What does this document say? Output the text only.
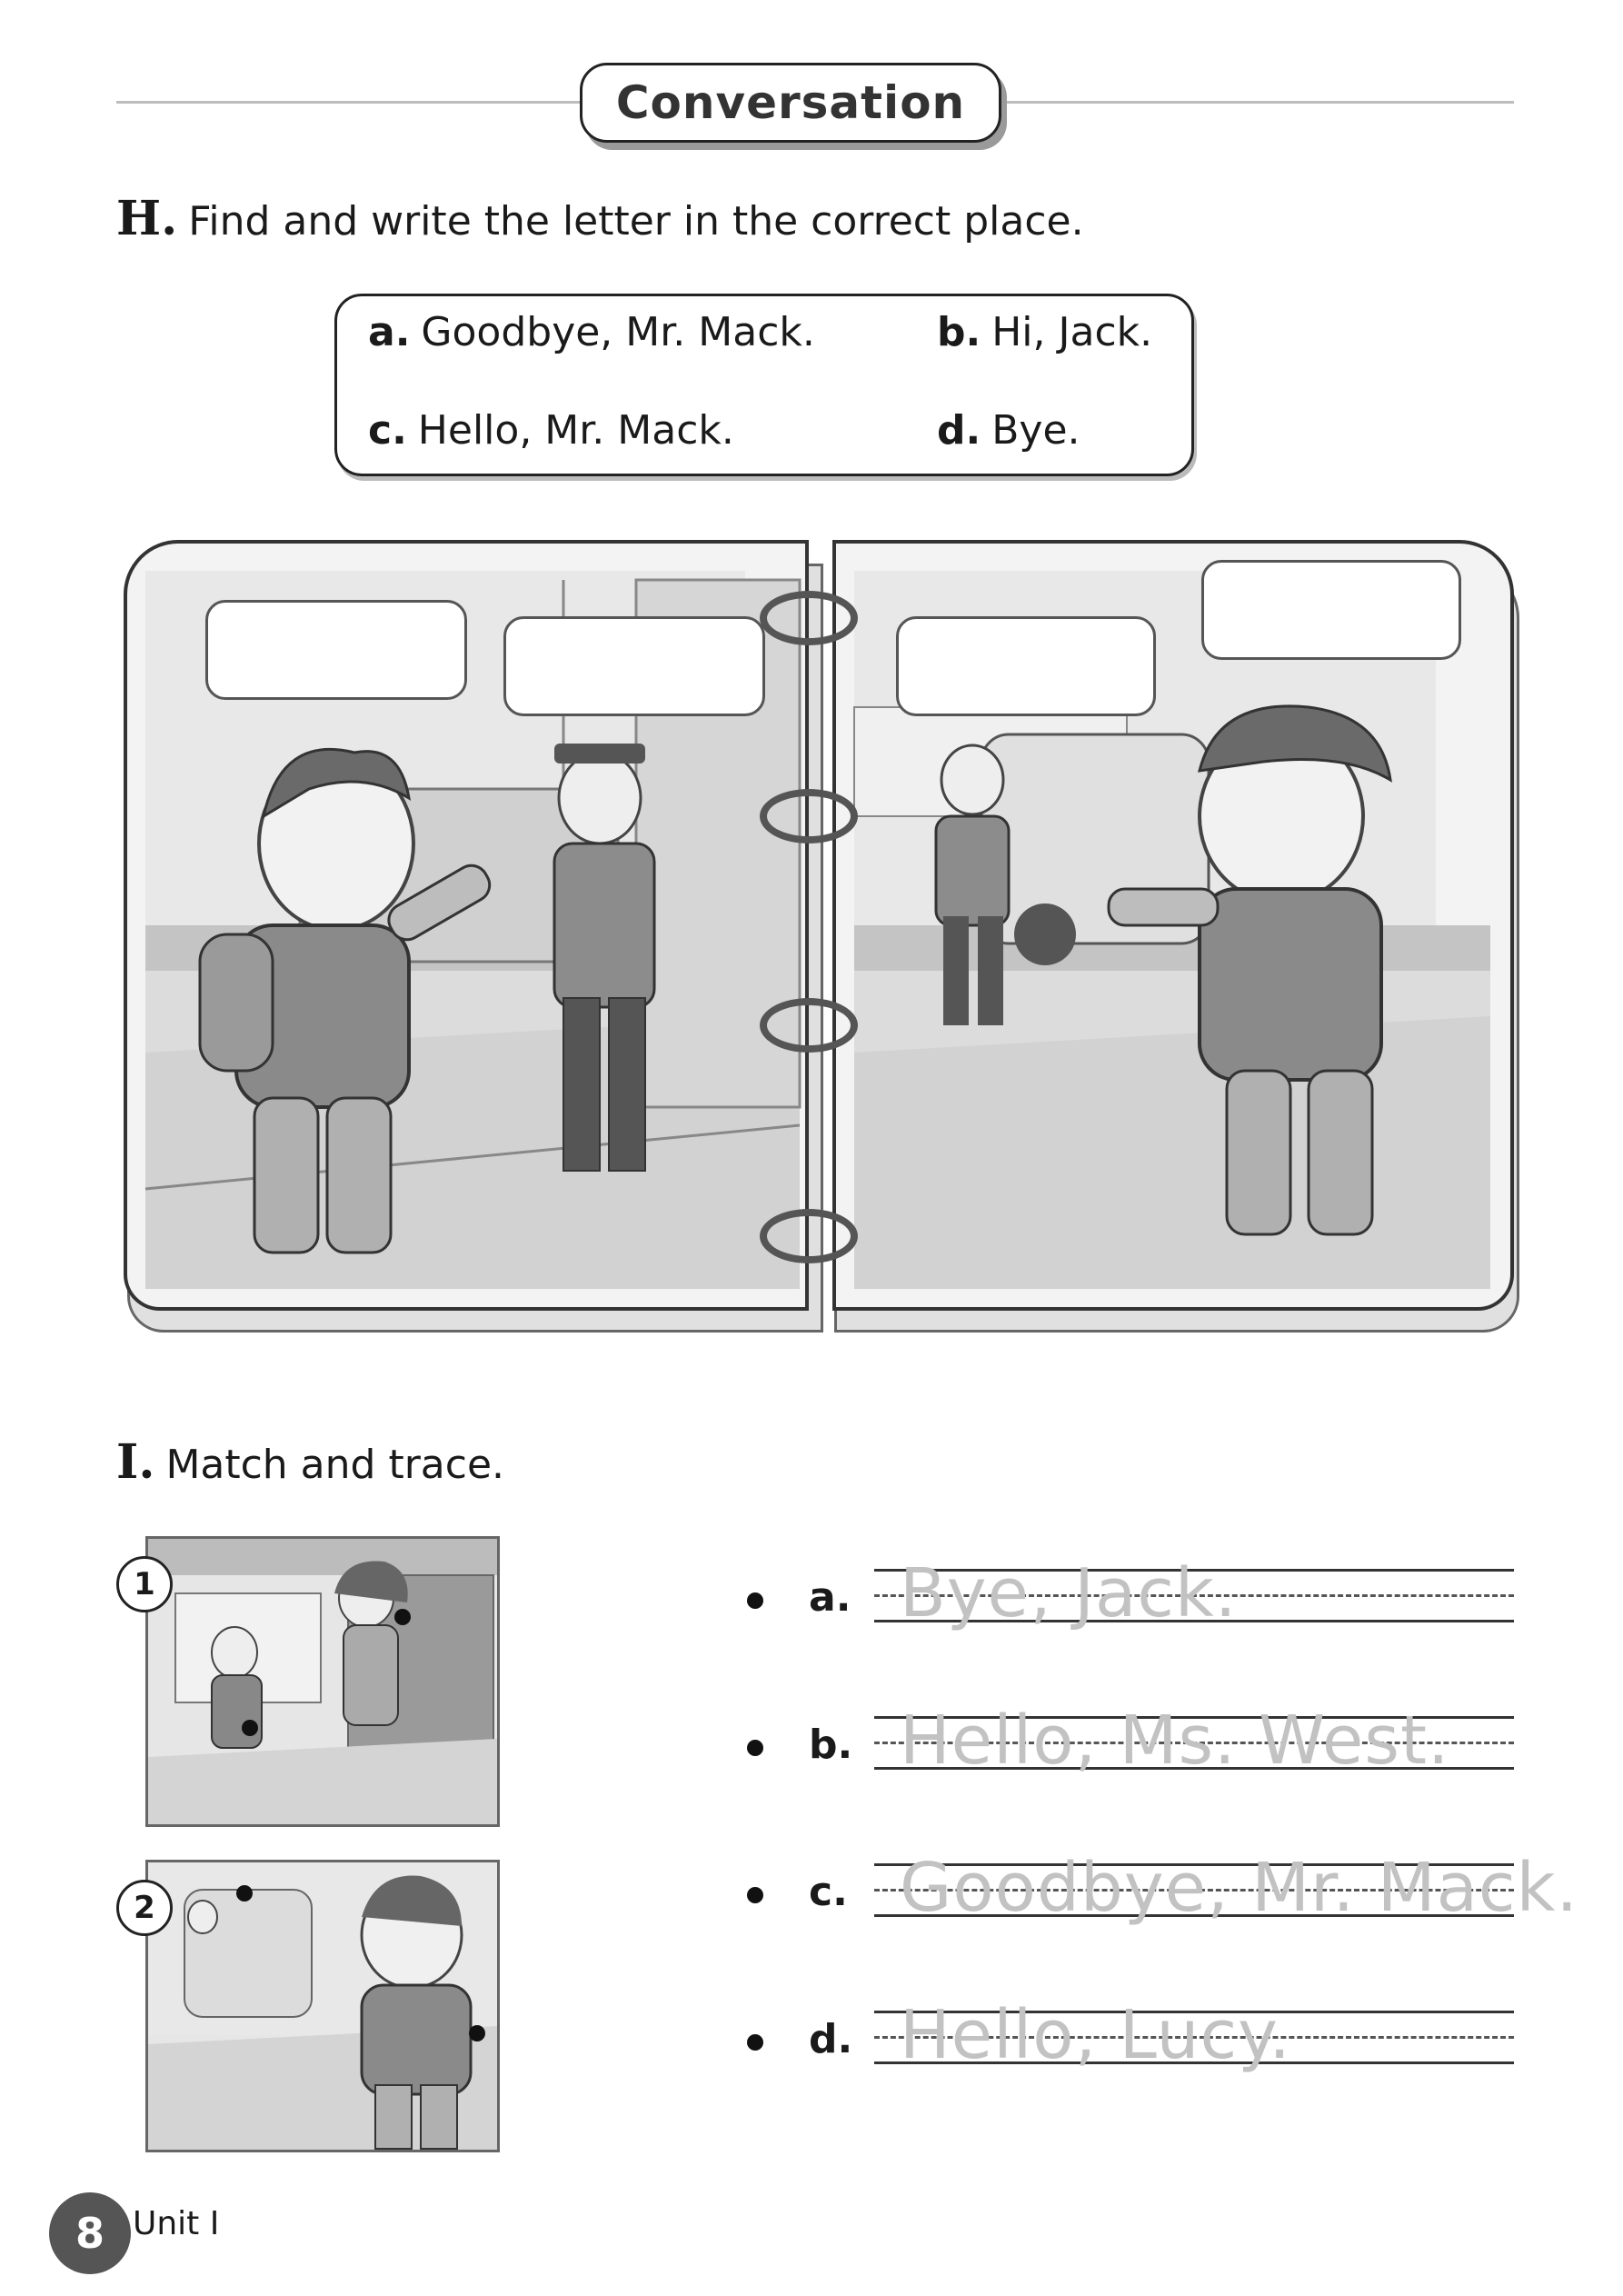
Conversation
H. Find and write the letter in the correct place.
a. Goodbye, Mr. Mack.	b. Hi, Jack.
c. Hello, Mr. Mack.	d. Bye.
I. Match and trace.
1
2
a. Bye, Jack.
b. Hello, Ms. West.
c. Goodbye, Mr. Mack.
d. Hello, Lucy.
8 Unit I
